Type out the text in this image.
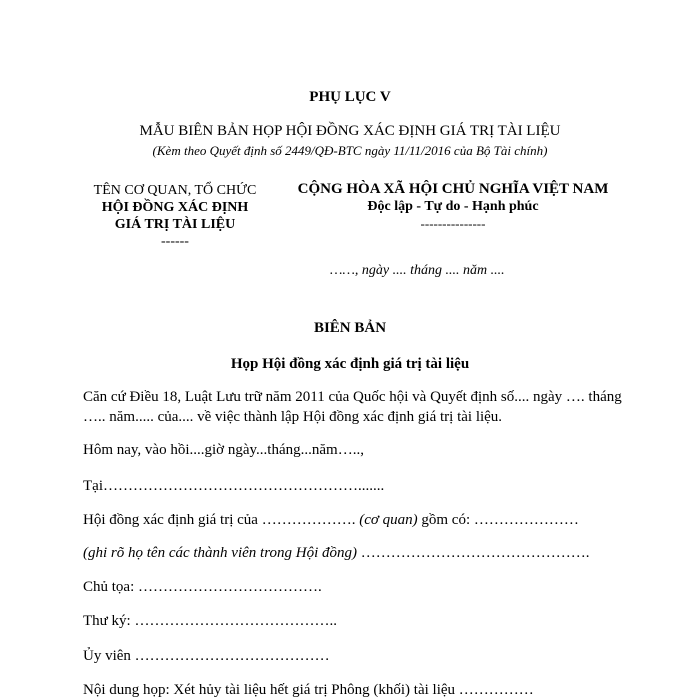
PHỤ LỤC V
MẪU BIÊN BẢN HỌP HỘI ĐỒNG XÁC ĐỊNH GIÁ TRỊ TÀI LIỆU
(Kèm theo Quyết định số 2449/QĐ-BTC ngày 11/11/2016 của Bộ Tài chính)
TÊN CƠ QUAN, TỔ CHỨC
HỘI ĐỒNG XÁC ĐỊNH
GIÁ TRỊ TÀI LIỆU
------
CỘNG HÒA XÃ HỘI CHỦ NGHĨA VIỆT NAM
Độc lập - Tự do - Hạnh phúc
---------------
……, ngày .... tháng .... năm ....
BIÊN BẢN
Họp Hội đồng xác định giá trị tài liệu
Căn cứ Điều 18, Luật Lưu trữ năm 2011 của Quốc hội và Quyết định số.... ngày …. tháng
….. năm..... của.... về việc thành lập Hội đồng xác định giá trị tài liệu.
Hôm nay, vào hồi....giờ ngày...tháng...năm…..,
Tại…………………………………………….......
Hội đồng xác định giá trị của ………………. (cơ quan) gồm có: …………………
(ghi rõ họ tên các thành viên trong Hội đồng) ……………………………………….
Chủ tọa: ……………………………….
Thư ký: …………………………………..
Ủy viên …………………………………
Nội dung họp: Xét hủy tài liệu hết giá trị Phông (khối) tài liệu ……………
